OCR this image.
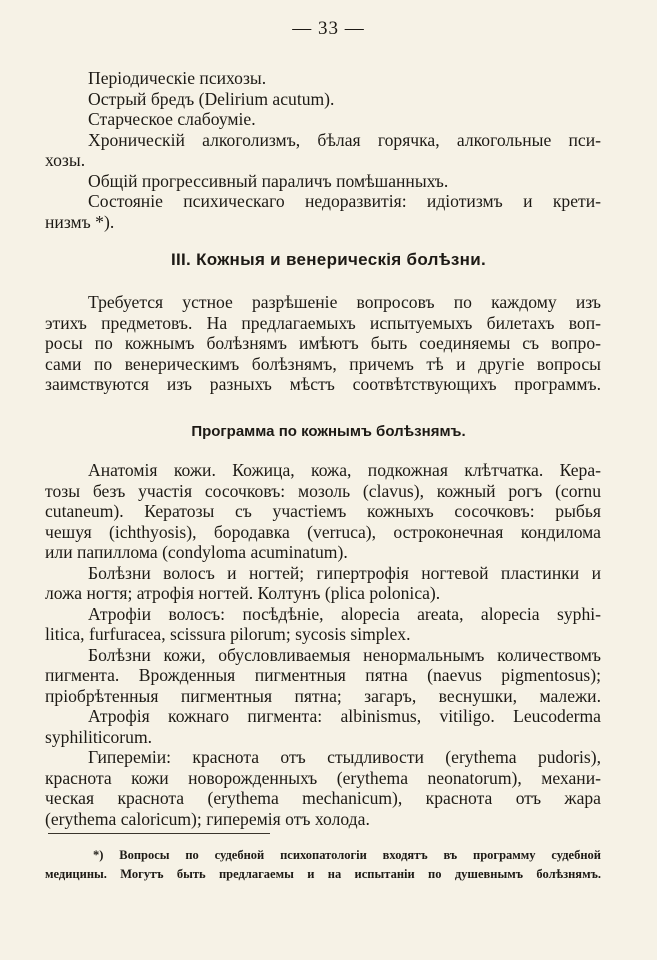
— 33 —

Періодическіе психозы.

Острый бредъ (Delirium acutum).

Старческое слабоуміе.

Хроническій алкоголизмъ, бѣлая горячка, алкогольные пси-

хозы.

Общій прогрессивный параличъ помѣшанныхъ.

Состояніе психическаго недоразвитія: идіотизмъ и крети-

низмъ *).

III. Кожныя и венерическія болѣзни.

Требуется устное разрѣшеніе вопросовъ по каждому изъ

этихъ предметовъ. На предлагаемыхъ испытуемыхъ билетахъ воп-

росы по кожнымъ болѣзнямъ имѣютъ быть соединяемы съ вопро-

сами по венерическимъ болѣзнямъ, причемъ тѣ и другіе вопросы

заимствуются изъ разныхъ мѣстъ соотвѣтствующихъ программъ.

Программа по кожнымъ болѣзнямъ.

Анатомія кожи. Кожица, кожа, подкожная клѣтчатка. Кера-

тозы безъ участія сосочковъ: мозоль (clavus), кожный рогъ (cornu

cutaneum). Кератозы съ участіемъ кожныхъ сосочковъ: рыбья

чешуя (ichthyosis), бородавка (verruca), остроконечная кондилома

или папиллома (condyloma acuminatum).

Болѣзни волосъ и ногтей; гипертрофія ногтевой пластинки и

ложа ногтя; атрофія ногтей. Колтунъ (plica polonica).

Атрофіи волосъ: посѣдѣніе, alopecia areata, alopecia syphi-

litica, furfuracea, scissura pilorum; sycosis simplex.

Болѣзни кожи, обусловливаемыя ненормальнымъ количествомъ

пигмента. Врожденныя пигментныя пятна (naevus pigmentosus);

пріобрѣтенныя пигментныя пятна; загаръ, веснушки, малежи.

Атрофія кожнаго пигмента: albinismus, vitiligo. Leucoderma

syphiliticorum.

Гипереміи: краснота отъ стыдливости (erythema pudoris),

краснота кожи новорожденныхъ (erythema neonatorum), механи-

ческая краснота (erythema mechanicum), краснота отъ жара

(erythema caloricum); гиперемія отъ холода.

*) Вопросы по судебной психопатологіи входятъ въ программу судебной

медицины. Могутъ быть предлагаемы и на испытаніи по душевнымъ болѣзнямъ.
